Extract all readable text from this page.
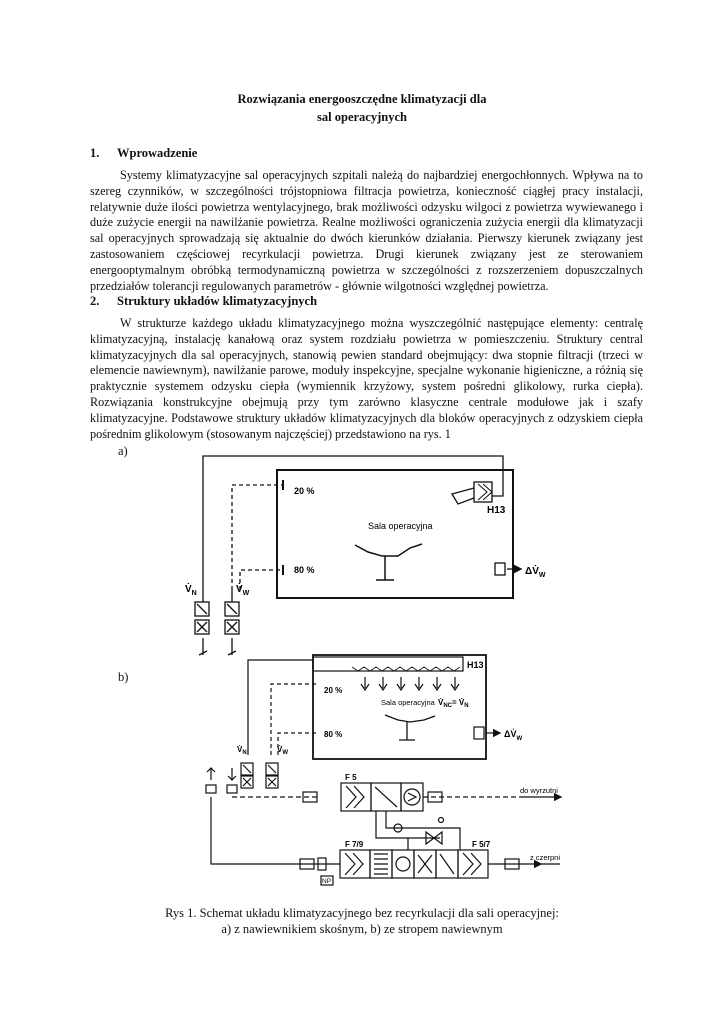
Rozwiązania energooszczędne klimatyzacji dla
sal operacyjnych
1. Wprowadzenie

Systemy klimatyzacyjne sal operacyjnych szpitali należą do najbardziej energochłonnych. Wpływa na to szereg czynników, w szczególności trójstopniowa filtracja powietrza, konieczność ciągłej pracy instalacji, relatywnie duże ilości powietrza wentylacyjnego, brak możliwości odzysku wilgoci z powietrza wywiewanego i duże zużycie energii na nawilżanie powietrza. Realne możliwości ograniczenia zużycia energii dla klimatyzacji sal operacyjnych sprowadzają się aktualnie do dwóch kierunków działania. Pierwszy kierunek związany jest zastosowaniem częściowej recyrkulacji powietrza. Drugi kierunek związany jest ze sterowaniem energooptymalnym obróbką termodynamiczną powietrza w szczególności z rozszerzeniem dopuszczalnych przedziałów tolerancji regulowanych parametrów - głównie wilgotności względnej powietrza.

2. Struktury układów klimatyzacyjnych

W strukturze każdego układu klimatyzacyjnego można wyszczególnić następujące elementy: centralę klimatyzacyjną, instalację kanałową oraz system rozdziału powietrza w pomieszczeniu. Struktury central klimatyzacyjnych dla sal operacyjnych, stanowią pewien standard obejmujący: dwa stopnie filtracji (trzeci w elemencie nawiewnym), nawilżanie parowe, moduły inspekcyjne, specjalne wykonanie higieniczne, a różnią się praktycznie systemem odzysku ciepła (wymiennik krzyżowy, system pośredni glikolowy, rurka ciepła). Rozwiązania konstrukcyjne obejmują przy tym zarówno klasyczne centrale modułowe jak i szafy klimatyzacyjne. Podstawowe struktury układów klimatyzacyjnych dla bloków operacyjnych z odzyskiem ciepła pośrednim glikolowym (stosowanym najczęściej) przedstawiono na rys. 1

a)
b)
H13
20 %
80 %
Sala operacyjna
$\Delta V̇_W$
$V̇_N$	$V̇_W$
H13
20 %
80 %
Sala operacyjna $V̇_{NC}=$ $V̇_N$
$\Delta V̇_W$
$V̇_N$	$V̇_W$
F 5
F 7/9	F 5/7
do wyrzutni
z czerpni
NP
Rys 1. Schemat układu klimatyzacyjnego bez recyrkulacji dla sali operacyjnej:
a) z nawiewnikiem skośnym, b) ze stropem nawiewnym
